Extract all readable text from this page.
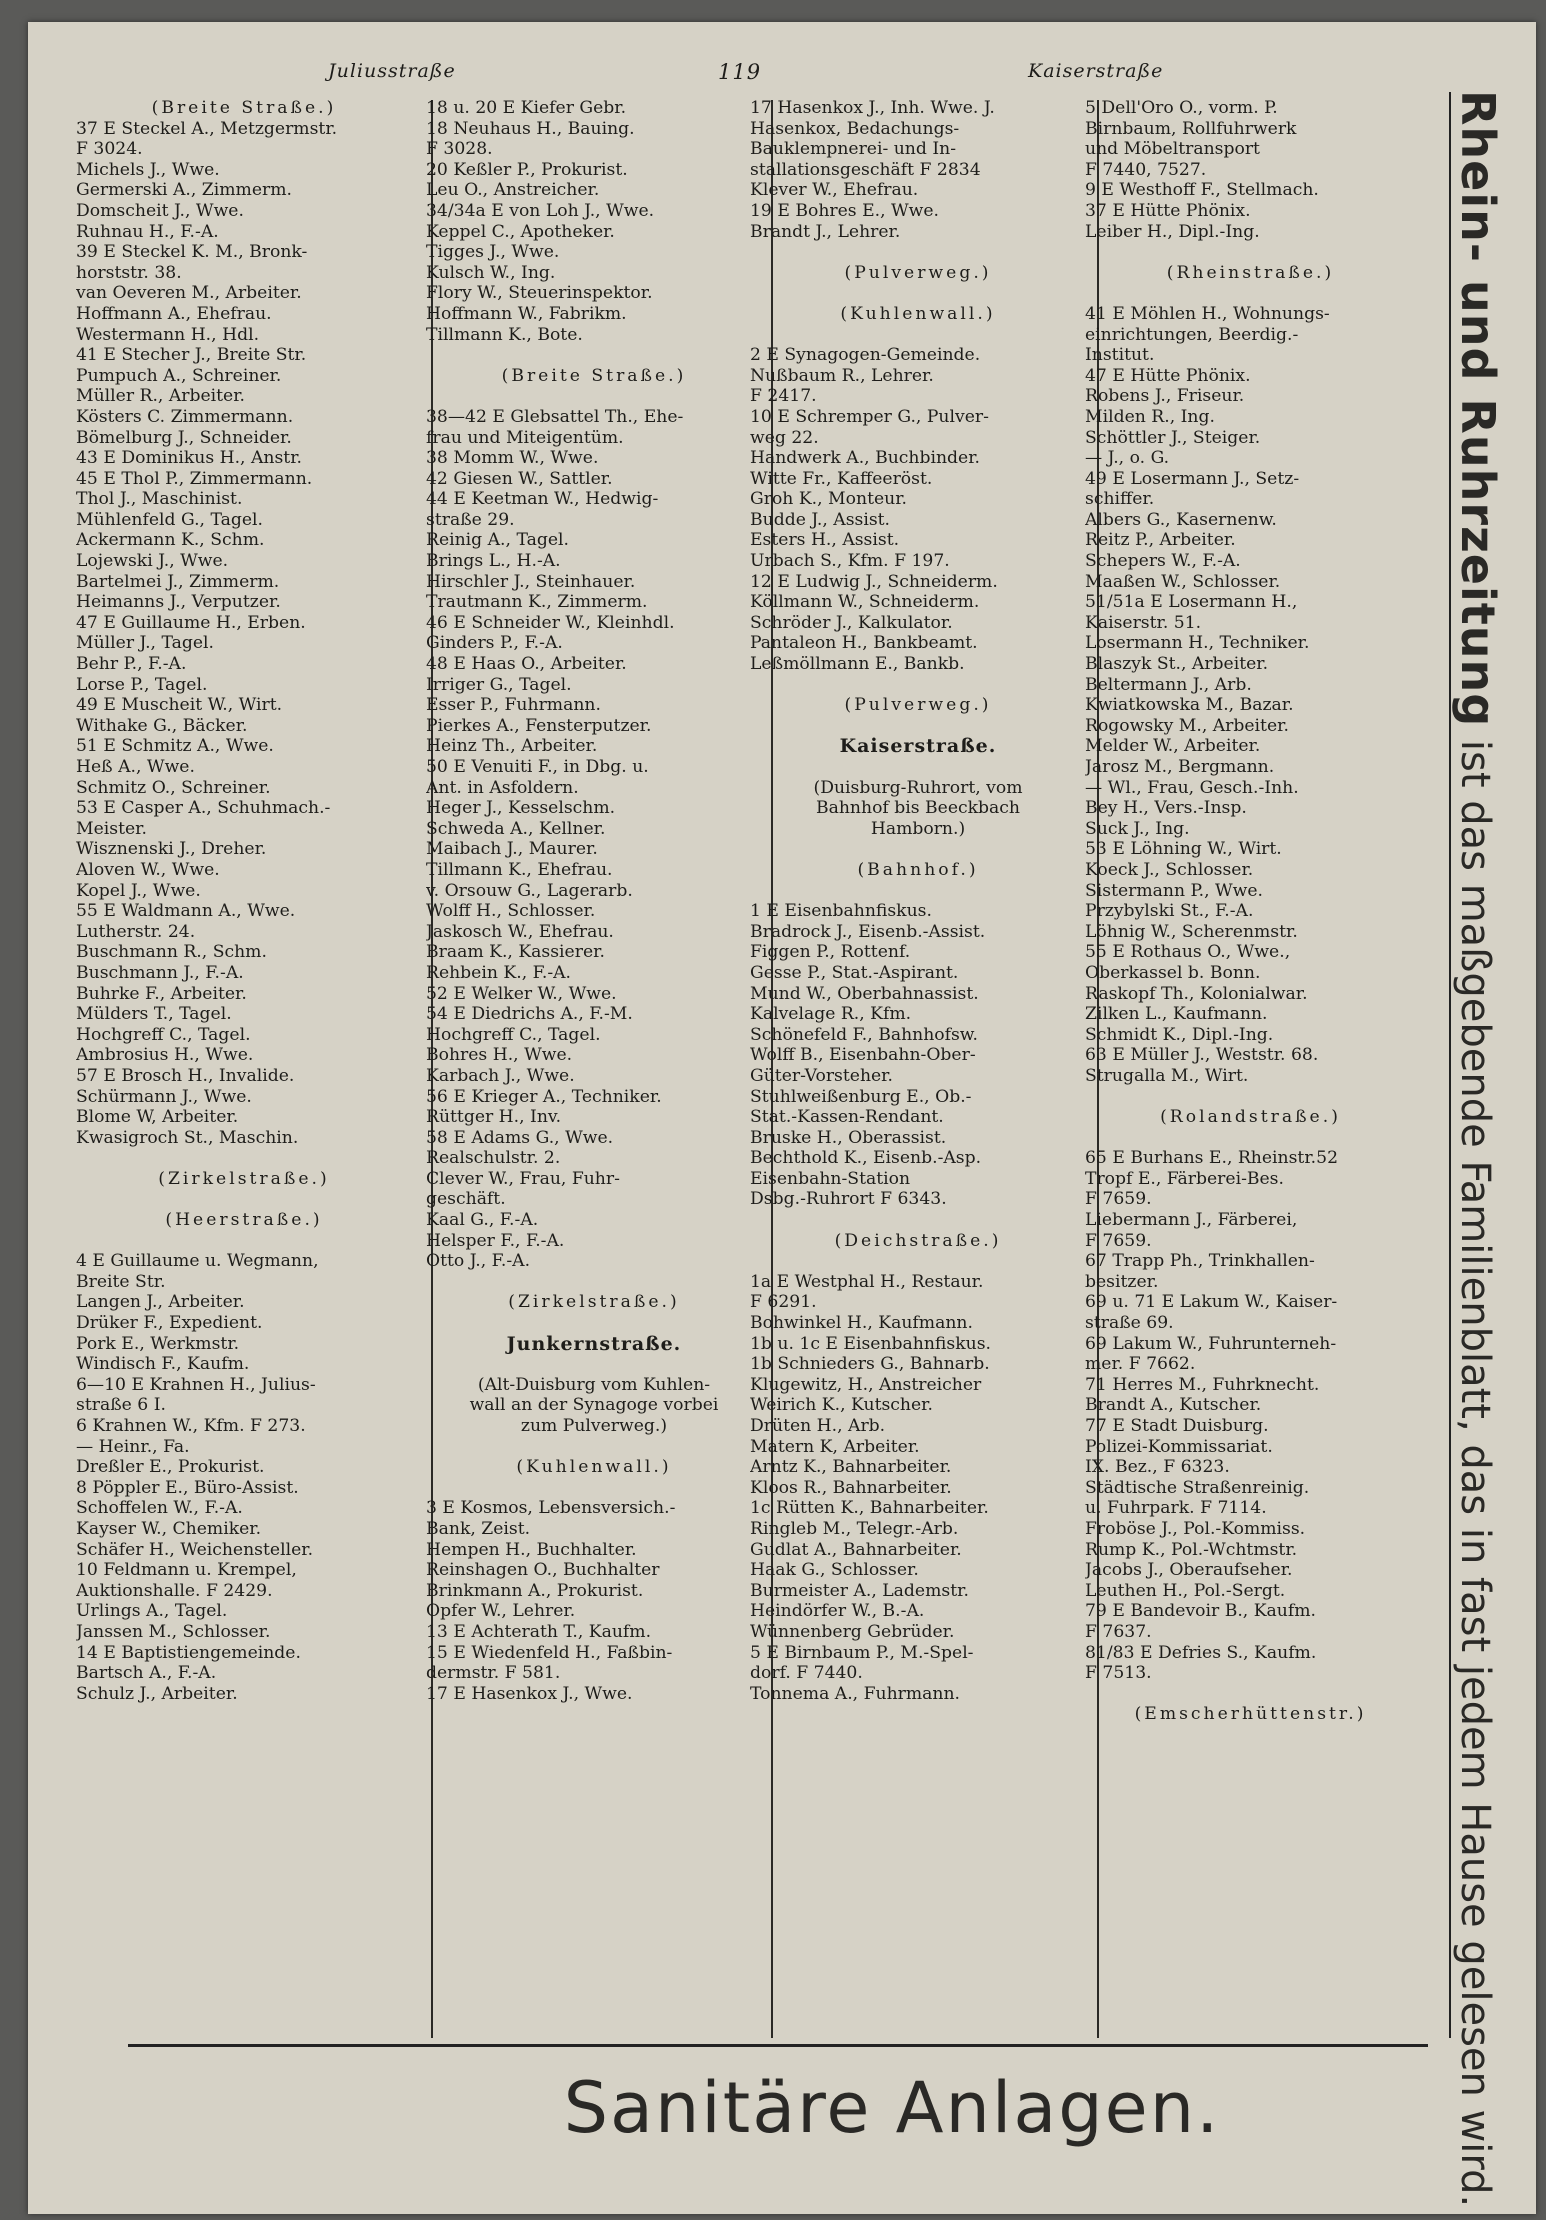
Juliusstraße	119	Kaiserstraße
(Breite Straße.)
37 E Steckel A., Metzgermstr.
F 3024.
Michels J., Wwe.
Germerski A., Zimmerm.
Domscheit J., Wwe.
Ruhnau H., F.-A.
39 E Steckel K. M., Bronk-
horststr. 38.
van Oeveren M., Arbeiter.
Hoffmann A., Ehefrau.
Westermann H., Hdl.
41 E Stecher J., Breite Str.
Pumpuch A., Schreiner.
Müller R., Arbeiter.
Kösters C. Zimmermann.
Bömelburg J., Schneider.
43 E Dominikus H., Anstr.
45 E Thol P., Zimmermann.
Thol J., Maschinist.
Mühlenfeld G., Tagel.
Ackermann K., Schm.
Lojewski J., Wwe.
Bartelmei J., Zimmerm.
Heimanns J., Verputzer.
47 E Guillaume H., Erben.
Müller J., Tagel.
Behr P., F.-A.
Lorse P., Tagel.
49 E Muscheit W., Wirt.
Withake G., Bäcker.
51 E Schmitz A., Wwe.
Heß A., Wwe.
Schmitz O., Schreiner.
53 E Casper A., Schuhmach.-
Meister.
Wisznenski J., Dreher.
Aloven W., Wwe.
Kopel J., Wwe.
55 E Waldmann A., Wwe.
Lutherstr. 24.
Buschmann R., Schm.
Buschmann J., F.-A.
Buhrke F., Arbeiter.
Mülders T., Tagel.
Hochgreff C., Tagel.
Ambrosius H., Wwe.
57 E Brosch H., Invalide.
Schürmann J., Wwe.
Blome W, Arbeiter.
Kwasigroch St., Maschin.
(Zirkelstraße.)
(Heerstraße.)
4 E Guillaume u. Wegmann,
Breite Str.
Langen J., Arbeiter.
Drüker F., Expedient.
Pork E., Werkmstr.
Windisch F., Kaufm.
6—10 E Krahnen H., Julius-
straße 6 I.
6 Krahnen W., Kfm. F 273.
— Heinr., Fa.
Dreßler E., Prokurist.
8 Pöppler E., Büro-Assist.
Schoffelen W., F.-A.
Kayser W., Chemiker.
Schäfer H., Weichensteller.
10 Feldmann u. Krempel,
Auktionshalle. F 2429.
Urlings A., Tagel.
Janssen M., Schlosser.
14 E Baptistiengemeinde.
Bartsch A., F.-A.
Schulz J., Arbeiter.
18 u. 20 E Kiefer Gebr.
18 Neuhaus H., Bauing.
F 3028.
20 Keßler P., Prokurist.
Leu O., Anstreicher.
34/34a E von Loh J., Wwe.
Keppel C., Apotheker.
Tigges J., Wwe.
Kulsch W., Ing.
Flory W., Steuerinspektor.
Hoffmann W., Fabrikm.
Tillmann K., Bote.
(Breite Straße.)
38—42 E Glebsattel Th., Ehe-
frau und Miteigentüm.
38 Momm W., Wwe.
42 Giesen W., Sattler.
44 E Keetman W., Hedwig-
straße 29.
Reinig A., Tagel.
Brings L., H.-A.
Hirschler J., Steinhauer.
Trautmann K., Zimmerm.
46 E Schneider W., Kleinhdl.
Ginders P., F.-A.
48 E Haas O., Arbeiter.
Irriger G., Tagel.
Esser P., Fuhrmann.
Pierkes A., Fensterputzer.
Heinz Th., Arbeiter.
50 E Venuiti F., in Dbg. u.
Ant. in Asfoldern.
Heger J., Kesselschm.
Schweda A., Kellner.
Maibach J., Maurer.
Tillmann K., Ehefrau.
v. Orsouw G., Lagerarb.
Wolff H., Schlosser.
Jaskosch W., Ehefrau.
Braam K., Kassierer.
Rehbein K., F.-A.
52 E Welker W., Wwe.
54 E Diedrichs A., F.-M.
Hochgreff C., Tagel.
Bohres H., Wwe.
Karbach J., Wwe.
56 E Krieger A., Techniker.
Rüttger H., Inv.
58 E Adams G., Wwe.
Realschulstr. 2.
Clever W., Frau, Fuhr-
geschäft.
Kaal G., F.-A.
Helsper F., F.-A.
Otto J., F.-A.
(Zirkelstraße.)
Junkernstraße.
(Alt-Duisburg vom Kuhlen-
wall an der Synagoge vorbei
zum Pulverweg.)
(Kuhlenwall.)
3 E Kosmos, Lebensversich.-
Bank, Zeist.
Hempen H., Buchhalter.
Reinshagen O., Buchhalter
Brinkmann A., Prokurist.
Opfer W., Lehrer.
13 E Achterath T., Kaufm.
15 E Wiedenfeld H., Faßbin-
dermstr. F 581.
17 E Hasenkox J., Wwe.
17 Hasenkox J., Inh. Wwe. J.
Hasenkox, Bedachungs-
Bauklempnerei- und In-
stallationsgeschäft F 2834
Klever W., Ehefrau.
19 E Bohres E., Wwe.
Brandt J., Lehrer.
(Pulverweg.)
(Kuhlenwall.)
2 E Synagogen-Gemeinde.
Nußbaum R., Lehrer.
F 2417.
10 E Schremper G., Pulver-
weg 22.
Handwerk A., Buchbinder.
Witte Fr., Kaffeeröst.
Groh K., Monteur.
Budde J., Assist.
Esters H., Assist.
Urbach S., Kfm. F 197.
12 E Ludwig J., Schneiderm.
Köllmann W., Schneiderm.
Schröder J., Kalkulator.
Pantaleon H., Bankbeamt.
Leßmöllmann E., Bankb.
(Pulverweg.)
Kaiserstraße.
(Duisburg-Ruhrort, vom
Bahnhof bis Beeckbach
Hamborn.)
(Bahnhof.)
1 E Eisenbahnfiskus.
Bradrock J., Eisenb.-Assist.
Figgen P., Rottenf.
Gesse P., Stat.-Aspirant.
Mund W., Oberbahnassist.
Kalvelage R., Kfm.
Schönefeld F., Bahnhofsw.
Wolff B., Eisenbahn-Ober-
Güter-Vorsteher.
Stuhlweißenburg E., Ob.-
Stat.-Kassen-Rendant.
Bruske H., Oberassist.
Bechthold K., Eisenb.-Asp.
Eisenbahn-Station
Dsbg.-Ruhrort F 6343.
(Deichstraße.)
1a E Westphal H., Restaur.
F 6291.
Bohwinkel H., Kaufmann.
1b u. 1c E Eisenbahnfiskus.
1b Schnieders G., Bahnarb.
Klugewitz, H., Anstreicher
Weirich K., Kutscher.
Drüten H., Arb.
Matern K, Arbeiter.
Arntz K., Bahnarbeiter.
Kloos R., Bahnarbeiter.
1c Rütten K., Bahnarbeiter.
Ringleb M., Telegr.-Arb.
Gudlat A., Bahnarbeiter.
Haak G., Schlosser.
Burmeister A., Lademstr.
Heindörfer W., B.-A.
Wünnenberg Gebrüder.
5 E Birnbaum P., M.-Spel-
dorf. F 7440.
Tonnema A., Fuhrmann.
5 Dell'Oro O., vorm. P.
Birnbaum, Rollfuhrwerk
und Möbeltransport
F 7440, 7527.
9 E Westhoff F., Stellmach.
37 E Hütte Phönix.
Leiber H., Dipl.-Ing.
(Rheinstraße.)
41 E Möhlen H., Wohnungs-
einrichtungen, Beerdig.-
Institut.
47 E Hütte Phönix.
Robens J., Friseur.
Milden R., Ing.
Schöttler J., Steiger.
— J., o. G.
49 E Losermann J., Setz-
schiffer.
Albers G., Kasernenw.
Reitz P., Arbeiter.
Schepers W., F.-A.
Maaßen W., Schlosser.
51/51a E Losermann H.,
Kaiserstr. 51.
Losermann H., Techniker.
Blaszyk St., Arbeiter.
Beltermann J., Arb.
Kwiatkowska M., Bazar.
Rogowsky M., Arbeiter.
Melder W., Arbeiter.
Jarosz M., Bergmann.
— Wl., Frau, Gesch.-Inh.
Bey H., Vers.-Insp.
Suck J., Ing.
53 E Löhning W., Wirt.
Koeck J., Schlosser.
Sistermann P., Wwe.
Przybylski St., F.-A.
Löhnig W., Scherenmstr.
55 E Rothaus O., Wwe.,
Oberkassel b. Bonn.
Raskopf Th., Kolonialwar.
Zilken L., Kaufmann.
Schmidt K., Dipl.-Ing.
63 E Müller J., Weststr. 68.
Strugalla M., Wirt.
(Rolandstraße.)
65 E Burhans E., Rheinstr.52
Tropf E., Färberei-Bes.
F 7659.
Liebermann J., Färberei,
F 7659.
67 Trapp Ph., Trinkhallen-
besitzer.
69 u. 71 E Lakum W., Kaiser-
straße 69.
69 Lakum W., Fuhrunterneh-
mer. F 7662.
71 Herres M., Fuhrknecht.
Brandt A., Kutscher.
77 E Stadt Duisburg.
Polizei-Kommissariat.
IX. Bez., F 6323.
Städtische Straßenreinig.
u. Fuhrpark. F 7114.
Froböse J., Pol.-Kommiss.
Rump K., Pol.-Wchtmstr.
Jacobs J., Oberaufseher.
Leuthen H., Pol.-Sergt.
79 E Bandevoir B., Kaufm.
F 7637.
81/83 E Defries S., Kaufm.
F 7513.
(Emscherhüttenstr.)
Rhein- und Ruhrzeitung ist das maßgebende Familienblatt, das in fast jedem Hause gelesen wird.
Sanitäre Anlagen.
